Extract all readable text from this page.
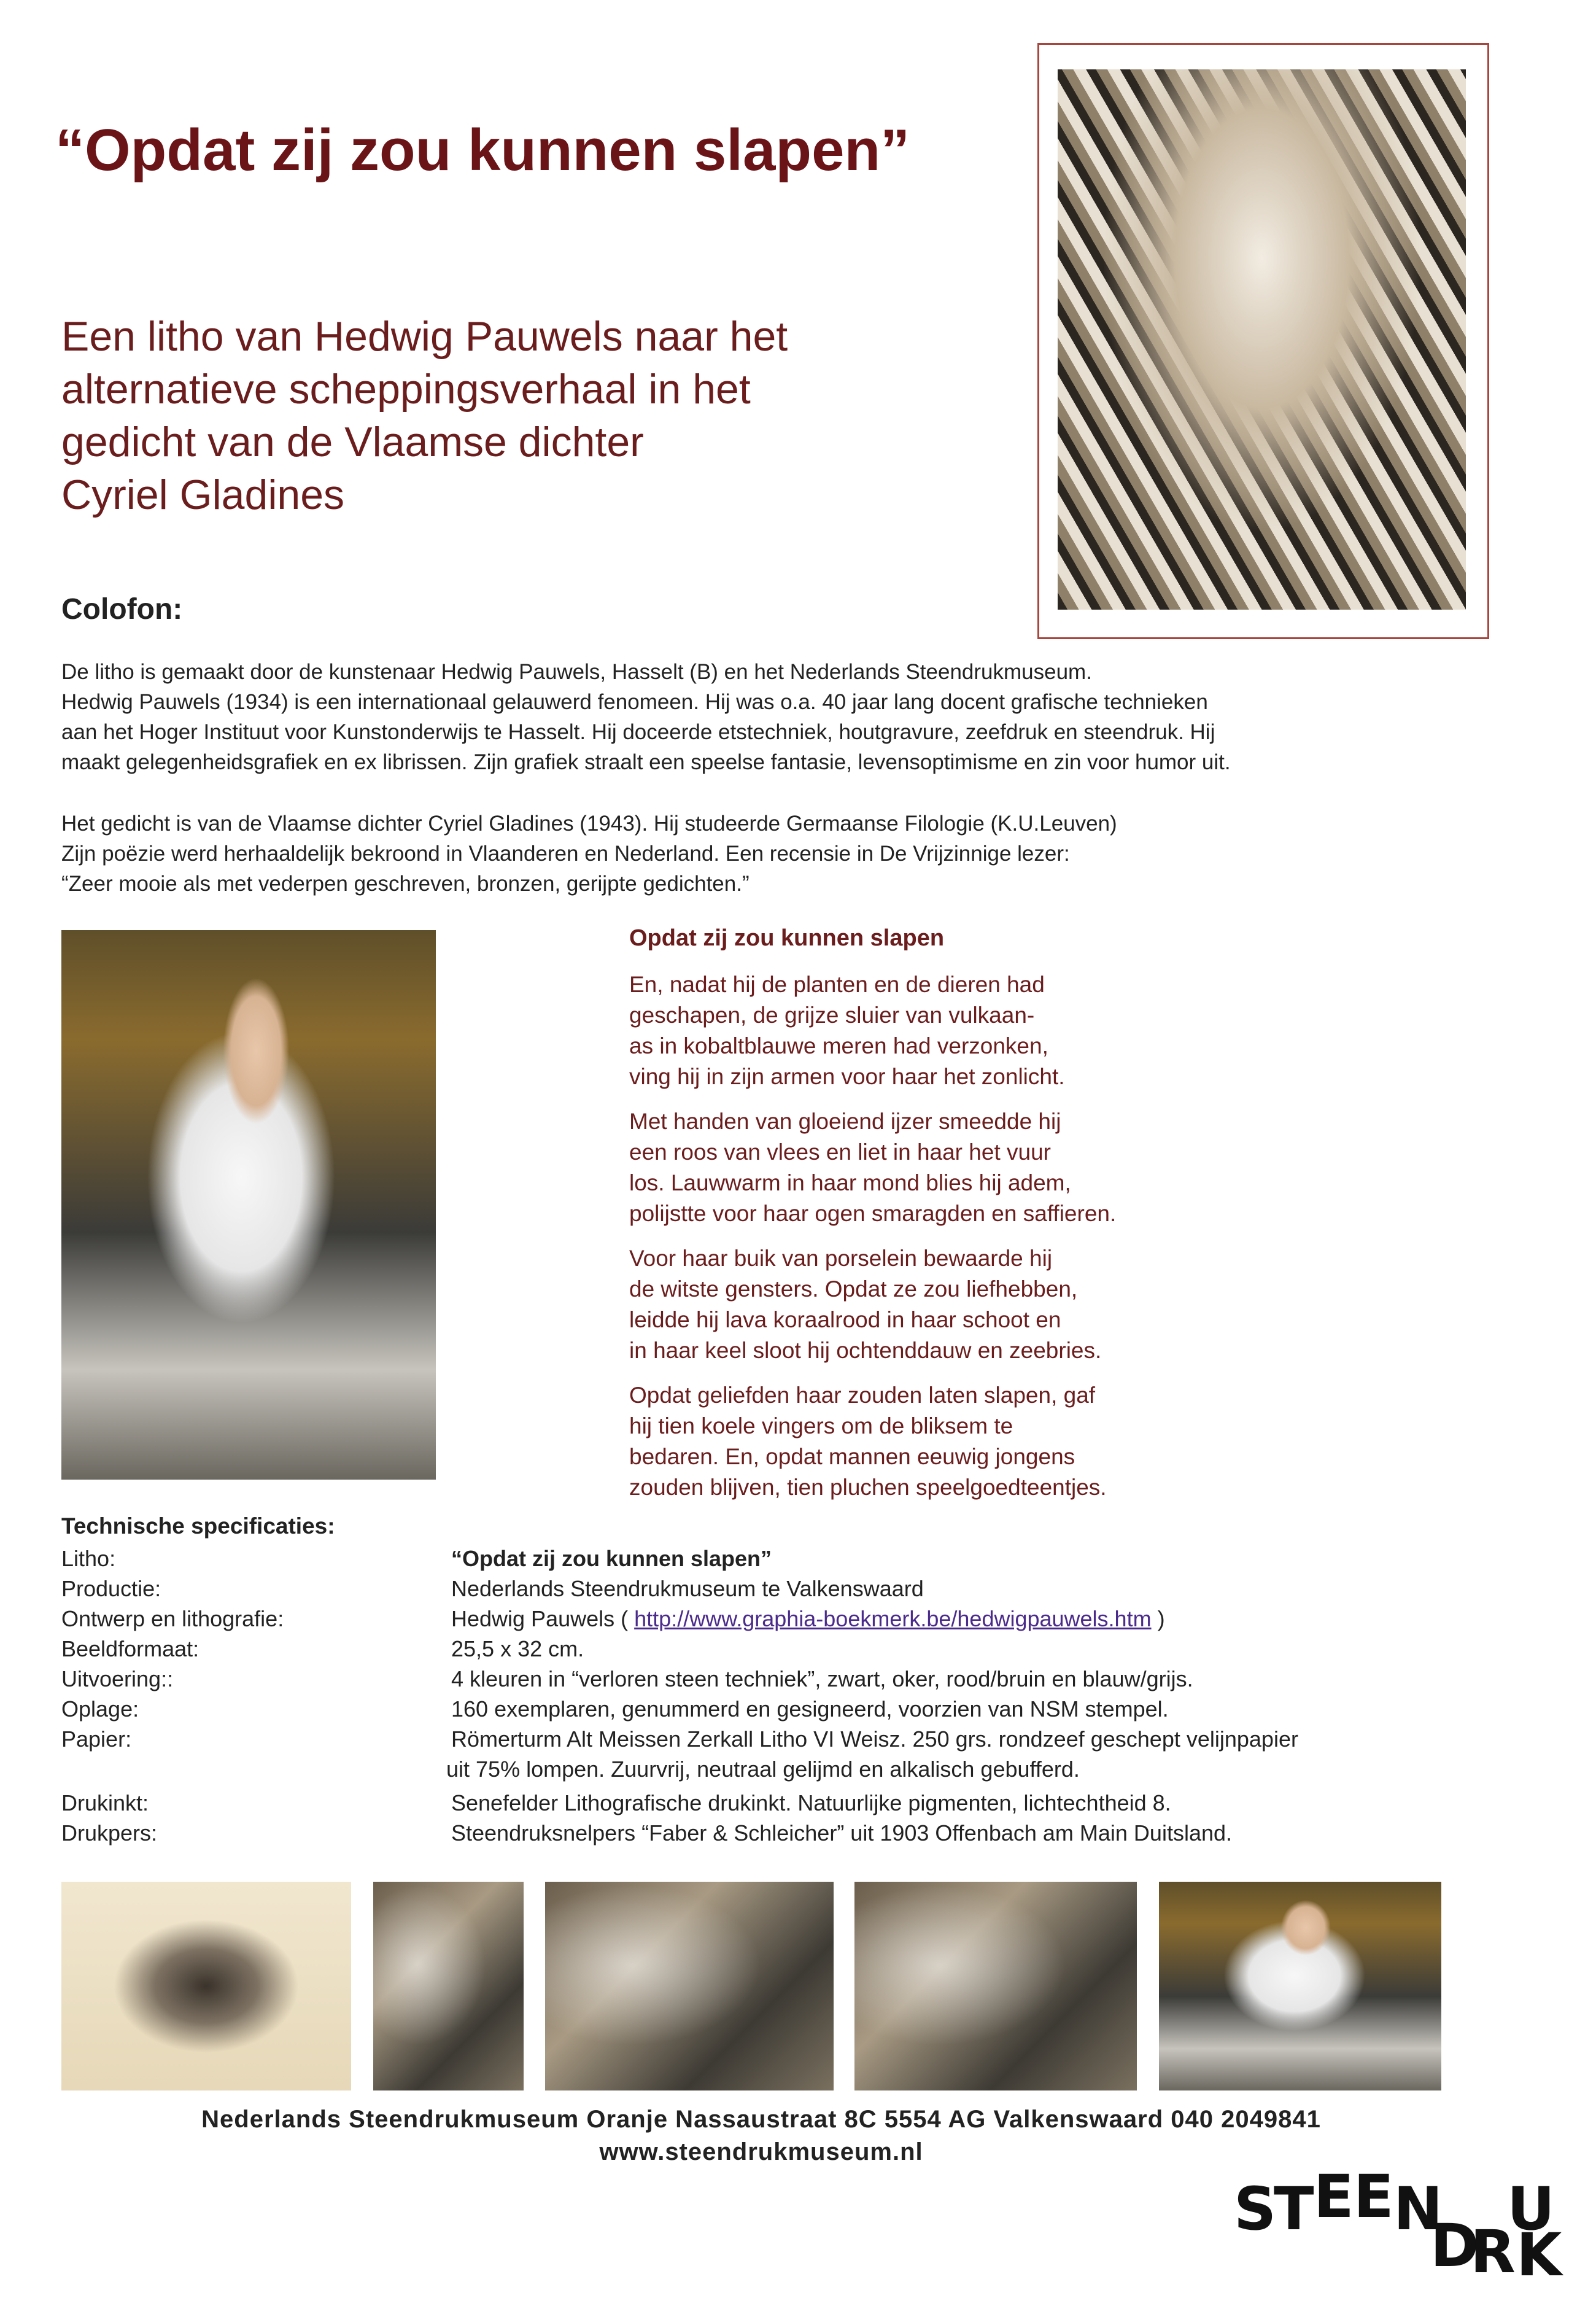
“Opdat zij zou kunnen slapen”
Een litho van Hedwig Pauwels naar het
alternatieve scheppingsverhaal in het
gedicht van de Vlaamse dichter
Cyriel Gladines
Colofon:

De litho is gemaakt door de kunstenaar Hedwig Pauwels, Hasselt (B) en het Nederlands Steendrukmuseum.

Hedwig Pauwels (1934) is een internationaal gelauwerd fenomeen. Hij was o.a. 40 jaar lang docent grafische technieken

aan het Hoger Instituut voor Kunstonderwijs te Hasselt. Hij doceerde etstechniek, houtgravure, zeefdruk en steendruk. Hij

maakt gelegenheidsgrafiek en ex librissen. Zijn grafiek straalt een speelse fantasie, levensoptimisme en zin voor humor uit.

Het gedicht is van de Vlaamse dichter Cyriel Gladines (1943). Hij studeerde Germaanse Filologie (K.U.Leuven)

Zijn poëzie werd herhaaldelijk bekroond in Vlaanderen en Nederland. Een recensie in De Vrijzinnige lezer:

“Zeer mooie als met vederpen geschreven, bronzen, gerijpte gedichten.”

Opdat zij zou kunnen slapen
En, nadat hij de planten en de dieren had
geschapen, de grijze sluier van vulkaan-
as in kobaltblauwe meren had verzonken,
ving hij in zijn armen voor haar het zonlicht.
Met handen van gloeiend ijzer smeedde hij
een roos van vlees en liet in haar het vuur
los. Lauwwarm in haar mond blies hij adem,
polijstte voor haar ogen smaragden en saffieren.
Voor haar buik van porselein bewaarde hij
de witste gensters. Opdat ze zou liefhebben,
leidde hij lava koraalrood in haar schoot en
in haar keel sloot hij ochtenddauw en zeebries.
Opdat geliefden haar zouden laten slapen, gaf
hij tien koele vingers om de bliksem te
bedaren. En, opdat mannen eeuwig jongens
zouden blijven, tien pluchen speelgoedteentjes.
Technische specificaties:
Litho:	“Opdat zij zou kunnen slapen”
Productie:	Nederlands Steendrukmuseum te Valkenswaard
Ontwerp en lithografie:	Hedwig Pauwels ( http://www.graphia-boekmerk.be/hedwigpauwels.htm )
Beeldformaat:	25,5 x 32 cm.
Uitvoering::	4 kleuren in “verloren steen techniek”, zwart, oker, rood/bruin en blauw/grijs.
Oplage:	160 exemplaren, genummerd en gesigneerd, voorzien van NSM stempel.
Papier:	Römerturm Alt Meissen Zerkall Litho VI Weisz. 250 grs. rondzeef geschept velijnpapier
uit 75% lompen. Zuurvrij, neutraal gelijmd en alkalisch gebufferd.
Drukinkt:	Senefelder Lithografische drukinkt. Natuurlijke pigmenten, lichtechtheid 8.
Drukpers:	Steendruksnelpers “Faber & Schleicher” uit 1903 Offenbach am Main Duitsland.
Nederlands Steendrukmuseum Oranje Nassaustraat 8C 5554 AG Valkenswaard 040 2049841
www.steendrukmuseum.nl
S
T E E N
D
R
U
K
